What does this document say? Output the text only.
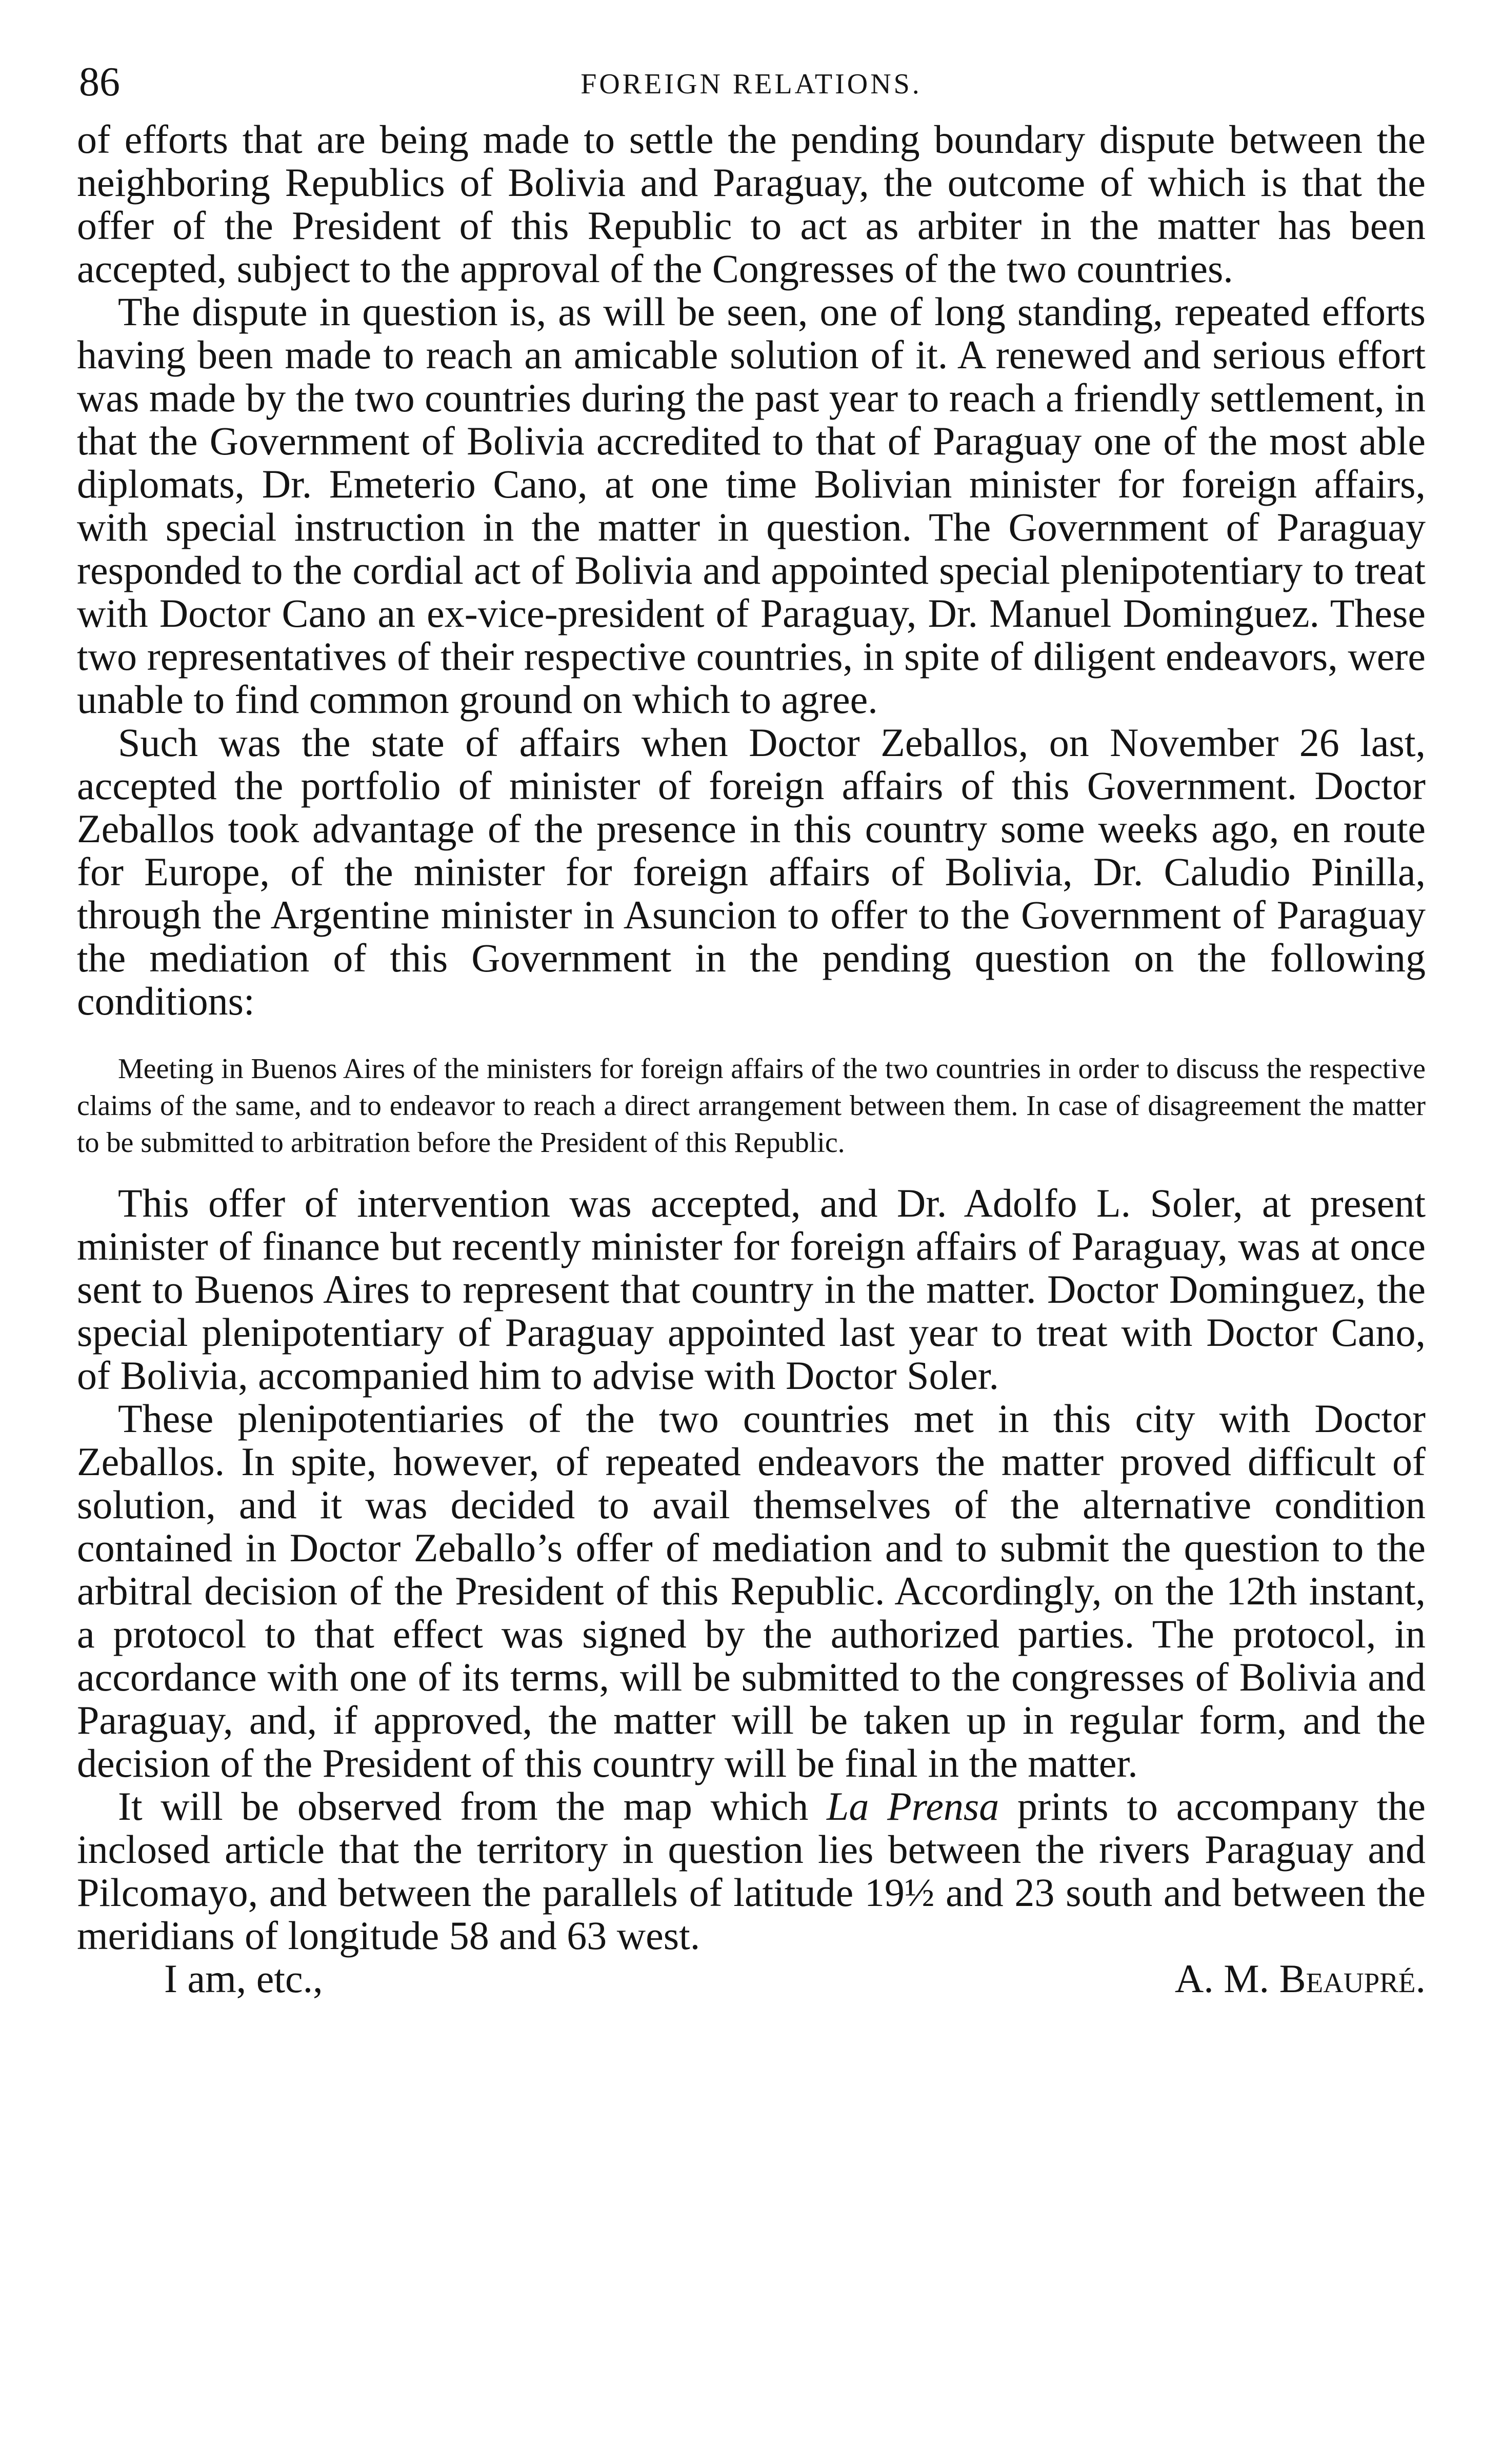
86	FOREIGN RELATIONS.

of efforts that are being made to settle the pending boundary dispute between the neighboring Republics of Bolivia and Paraguay, the outcome of which is that the offer of the President of this Republic to act as arbiter in the matter has been accepted, subject to the approval of the Congresses of the two countries.

The dispute in question is, as will be seen, one of long standing, repeated efforts having been made to reach an amicable solution of it. A renewed and serious effort was made by the two countries during the past year to reach a friendly settlement, in that the Government of Bolivia accredited to that of Paraguay one of the most able diplomats, Dr. Emeterio Cano, at one time Bolivian minister for foreign affairs, with special instruction in the matter in question. The Government of Paraguay responded to the cordial act of Bolivia and appointed special plenipotentiary to treat with Doctor Cano an ex-vice-president of Paraguay, Dr. Manuel Dominguez. These two representatives of their respective countries, in spite of diligent endeavors, were unable to find common ground on which to agree.

Such was the state of affairs when Doctor Zeballos, on November 26 last, accepted the portfolio of minister of foreign affairs of this Government. Doctor Zeballos took advantage of the presence in this country some weeks ago, en route for Europe, of the minister for foreign affairs of Bolivia, Dr. Caludio Pinilla, through the Argentine minister in Asuncion to offer to the Government of Paraguay the mediation of this Government in the pending question on the following conditions:

Meeting in Buenos Aires of the ministers for foreign affairs of the two countries in order to discuss the respective claims of the same, and to endeavor to reach a direct arrangement between them. In case of disagreement the matter to be submitted to arbitration before the President of this Republic.

This offer of intervention was accepted, and Dr. Adolfo L. Soler, at present minister of finance but recently minister for foreign affairs of Paraguay, was at once sent to Buenos Aires to represent that country in the matter. Doctor Dominguez, the special plenipotentiary of Paraguay appointed last year to treat with Doctor Cano, of Bolivia, accompanied him to advise with Doctor Soler.

These plenipotentiaries of the two countries met in this city with Doctor Zeballos. In spite, however, of repeated endeavors the matter proved difficult of solution, and it was decided to avail themselves of the alternative condition contained in Doctor Zeballo’s offer of mediation and to submit the question to the arbitral decision of the President of this Republic. Accordingly, on the 12th instant, a protocol to that effect was signed by the authorized parties. The protocol, in accordance with one of its terms, will be submitted to the congresses of Bolivia and Paraguay, and, if approved, the matter will be taken up in regular form, and the decision of the President of this country will be final in the matter.

It will be observed from the map which La Prensa prints to accompany the inclosed article that the territory in question lies between the rivers Paraguay and Pilcomayo, and between the parallels of latitude 19½ and 23 south and between the meridians of longitude 58 and 63 west.

I am, etc.,	A. M. Beaupré.
